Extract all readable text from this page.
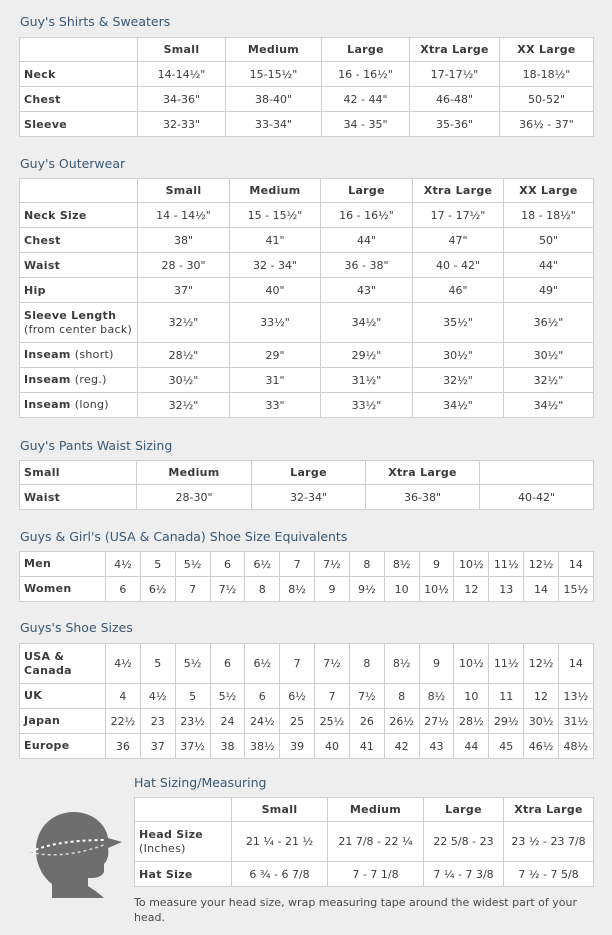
Guy's Shirts & Sweaters
	Small	Medium	Large	Xtra Large	XX Large
Neck	14-14½"	15-15½"	16 - 16½"	17-17½"	18-18½"
Chest	34-36"	38-40"	42 - 44"	46-48"	50-52"
Sleeve	32-33"	33-34"	34 - 35"	35-36"	36½ - 37"
Guy's Outerwear
	Small	Medium	Large	Xtra Large	XX Large
Neck Size	14 - 14½"	15 - 15½"	16 - 16½"	17 - 17½"	18 - 18½"
Chest	38"	41"	44"	47"	50"
Waist	28 - 30"	32 - 34"	36 - 38"	40 - 42"	44"
Hip	37"	40"	43"	46"	49"
Sleeve Length
(from center back)	32½"	33½"	34½"	35½"	36½"
Inseam (short)	28½"	29"	29½"	30½"	30½"
Inseam (reg.)	30½"	31"	31½"	32½"	32½"
Inseam (long)	32½"	33"	33½"	34½"	34½"
Guy's Pants Waist Sizing
Small	Medium	Large	Xtra Large	
Waist	28-30"	32-34"	36-38"	40-42"
Guys & Girl's (USA & Canada) Shoe Size Equivalents
Men	4½	5	5½	6	6½	7	7½	8	8½	9	10½	11½	12½	14
Women	6	6½	7	7½	8	8½	9	9½	10	10½	12	13	14	15½
Guys's Shoe Sizes
USA & Canada	4½	5	5½	6	6½	7	7½	8	8½	9	10½	11½	12½	14
UK	4	4½	5	5½	6	6½	7	7½	8	8½	10	11	12	13½
Japan	22½	23	23½	24	24½	25	25½	26	26½	27½	28½	29½	30½	31½
Europe	36	37	37½	38	38½	39	40	41	42	43	44	45	46½	48½
Hat Sizing/Measuring
	Small	Medium	Large	Xtra Large
Head Size (Inches)	21 ¼ - 21 ½	21 7/8 - 22 ¼	22 5/8 - 23	23 ½ - 23 7/8
Hat Size	6 ¾ - 6 7/8	7 - 7 1/8	7 ¼ - 7 3/8	7 ½ - 7 5/8
To measure your head size, wrap measuring tape around the widest part of your head.
